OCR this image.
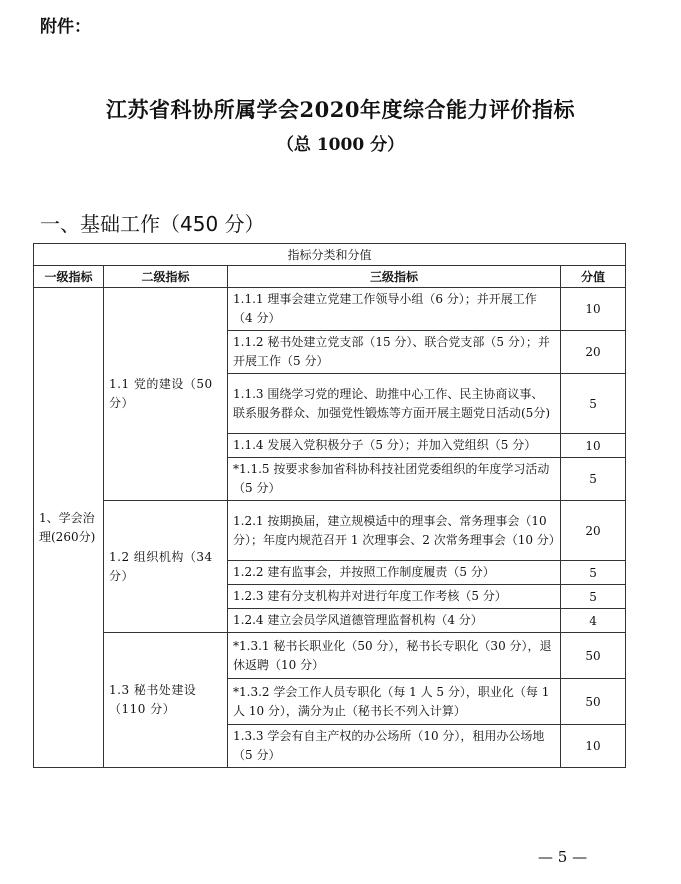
附件：
江苏省科协所属学会2020年度综合能力评价指标
（总 1000 分）
一、基础工作（450 分）
指标分类和分值			
一级指标	二级指标	三级指标	分值
1、学会治理(260分)	1.1 党的建设（50 分）	1.1.1 理事会建立党建工作领导小组（6 分）；并开展工作（4 分）	10
		1.1.2 秘书处建立党支部（15 分）、联合党支部（5 分）；并开展工作（5 分）	20
		1.1.3 围绕学习党的理论、助推中心工作、民主协商议事、联系服务群众、加强党性锻炼等方面开展主题党日活动(5分)	5
		1.1.4 发展入党积极分子（5 分）；并加入党组织（5 分）	10
		*1.1.5 按要求参加省科协科技社团党委组织的年度学习活动（5 分）	5
	1.2 组织机构（34 分）	1.2.1 按期换届，建立规模适中的理事会、常务理事会（10 分）；年度内规范召开 1 次理事会、2 次常务理事会（10 分）	20
		1.2.2 建有监事会，并按照工作制度履责（5 分）	5
		1.2.3 建有分支机构并对进行年度工作考核（5 分）	5
		1.2.4 建立会员学风道德管理监督机构（4 分）	4
	1.3 秘书处建设（110 分）	*1.3.1 秘书长职业化（50 分），秘书长专职化（30 分），退休返聘（10 分）	50
		*1.3.2 学会工作人员专职化（每 1 人 5 分），职业化（每 1 人 10 分），满分为止（秘书长不列入计算）	50
		1.3.3 学会有自主产权的办公场所（10 分），租用办公场地（5 分）	10
— 5 —
